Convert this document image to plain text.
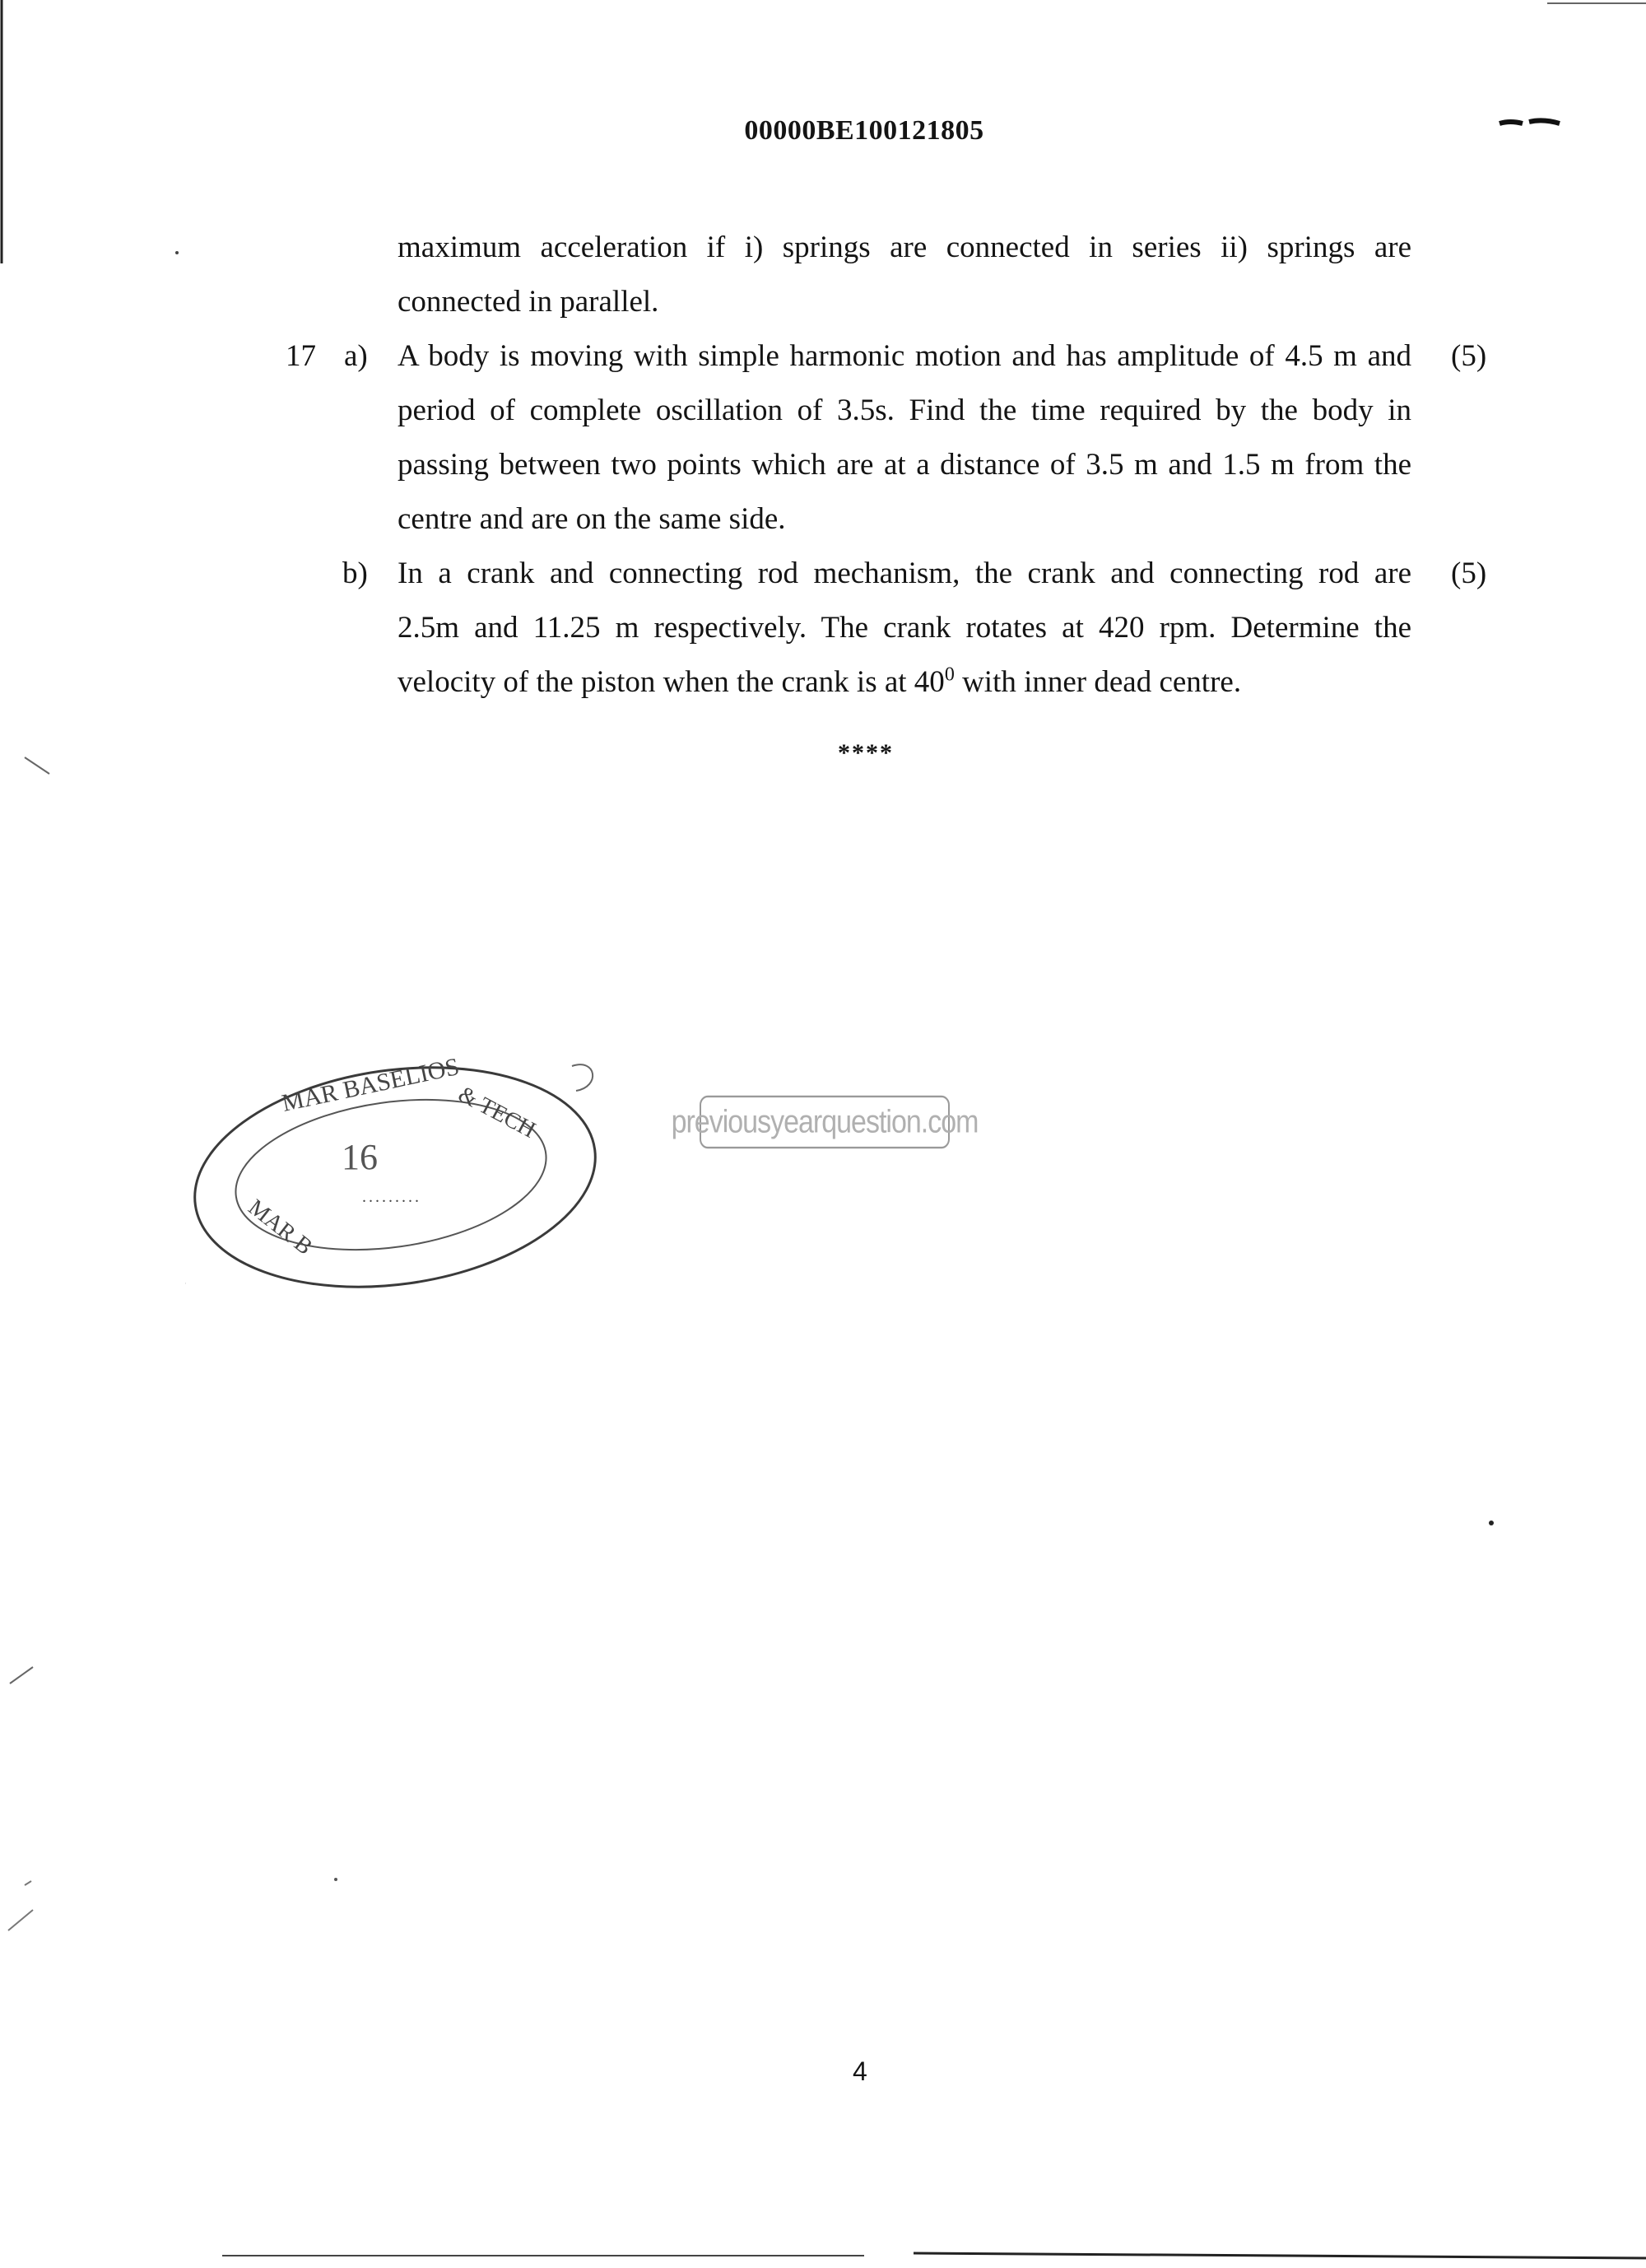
00000BE100121805
maximum acceleration if i) springs are connected in series ii) springs are
connected in parallel.
17 a)	(5)
A body is moving with simple harmonic motion and has amplitude of 4.5 m and
period of complete oscillation of 3.5s. Find the time required by the body in
passing between two points which are at a distance of 3.5 m and 1.5 m from the
centre and are on the same side.
b)	(5)
In a crank and connecting rod mechanism, the crank and connecting rod are
2.5m and 11.25 m respectively. The crank rotates at 420 rpm. Determine the
velocity of the piston when the crank is at $40^0$ with inner dead centre.
****
previousyearquestion.com
MAR BASELIOS
& TECH
MAR B	.........
16
4
